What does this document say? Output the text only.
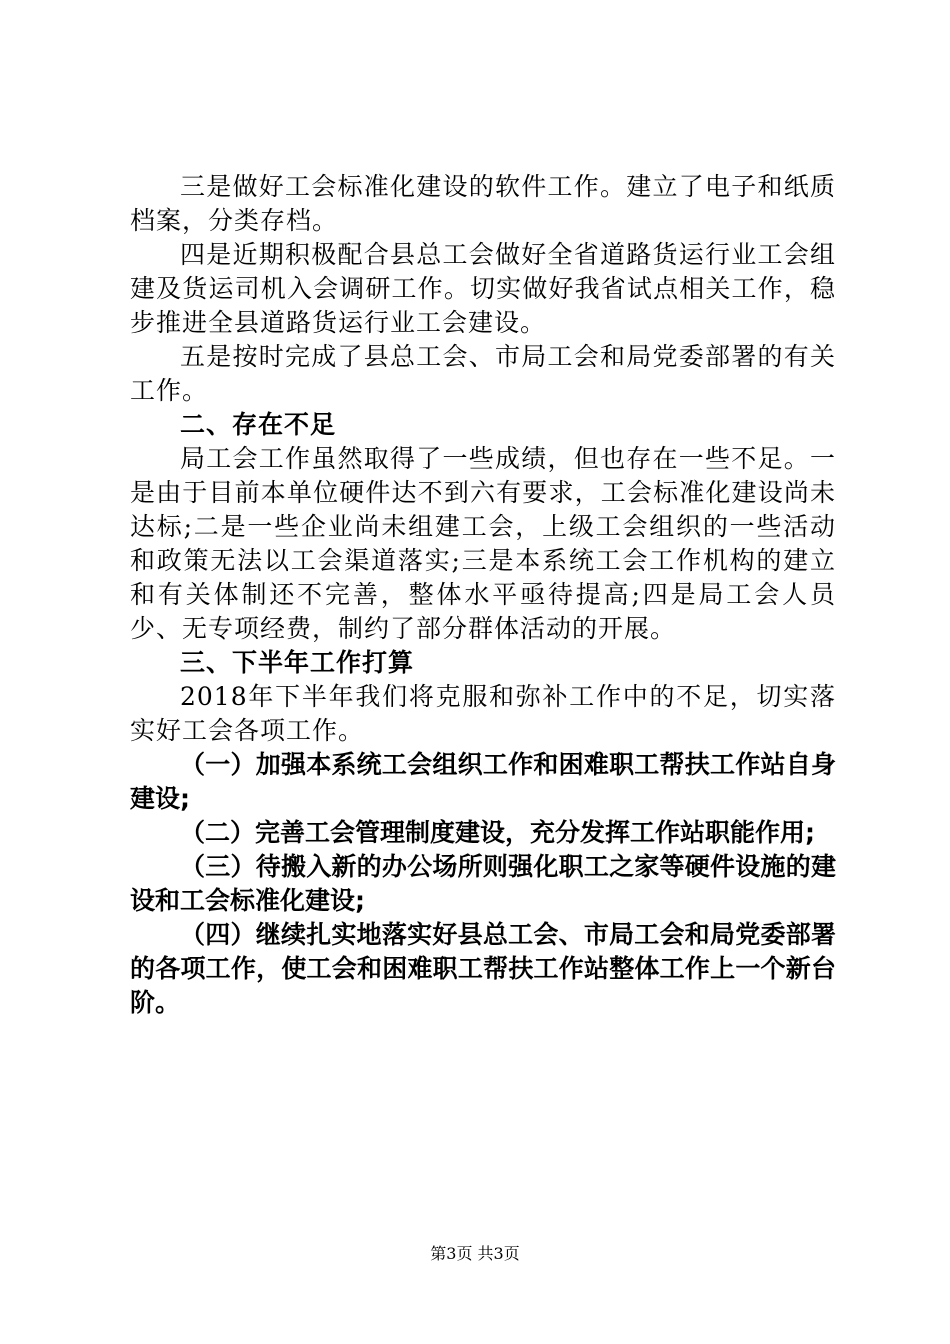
三是做好工会标准化建设的软件工作。建立了电子和纸质档案，分类存档。

四是近期积极配合县总工会做好全省道路货运行业工会组建及货运司机入会调研工作。切实做好我省试点相关工作，稳步推进全县道路货运行业工会建设。

五是按时完成了县总工会、市局工会和局党委部署的有关工作。

二、存在不足

局工会工作虽然取得了一些成绩，但也存在一些不足。一是由于目前本单位硬件达不到六有要求，工会标准化建设尚未达标;二是一些企业尚未组建工会，上级工会组织的一些活动和政策无法以工会渠道落实;三是本系统工会工作机构的建立和有关体制还不完善，整体水平亟待提高;四是局工会人员少、无专项经费，制约了部分群体活动的开展。

三、下半年工作打算

2018年下半年我们将克服和弥补工作中的不足，切实落实好工会各项工作。

（一）加强本系统工会组织工作和困难职工帮扶工作站自身建设;

（二）完善工会管理制度建设，充分发挥工作站职能作用;

（三）待搬入新的办公场所则强化职工之家等硬件设施的建设和工会标准化建设;

（四）继续扎实地落实好县总工会、市局工会和局党委部署的各项工作，使工会和困难职工帮扶工作站整体工作上一个新台阶。

第3页 共3页
